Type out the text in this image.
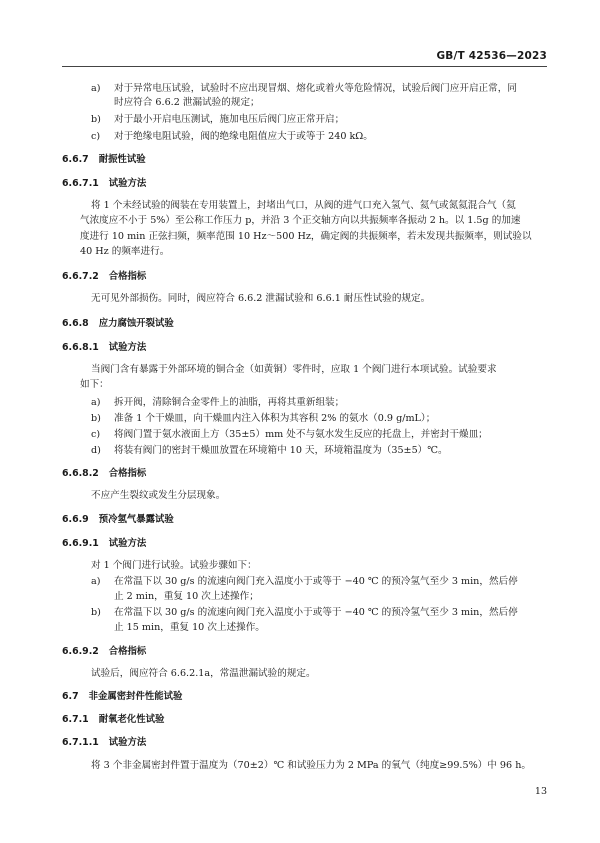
GB/T 42536—2023
a) 对于异常电压试验，试验时不应出现冒烟、熔化或着火等危险情况，试验后阀门应开启正常，同
时应符合 6.6.2 泄漏试验的规定；
b) 对于最小开启电压测试，施加电压后阀门应正常开启；
c) 对于绝缘电阻试验，阀的绝缘电阻值应大于或等于 240 kΩ。
6.6.7 耐振性试验
6.6.7.1 试验方法
将 1 个未经试验的阀装在专用装置上，封堵出气口，从阀的进气口充入氢气、氦气或氮氦混合气（氦
气浓度应不小于 5%）至公称工作压力 p，并沿 3 个正交轴方向以共振频率各振动 2 h。以 1.5g 的加速
度进行 10 min 正弦扫频，频率范围 10 Hz～500 Hz，确定阀的共振频率，若未发现共振频率，则试验以
40 Hz 的频率进行。
6.6.7.2 合格指标
无可见外部损伤。同时，阀应符合 6.6.2 泄漏试验和 6.6.1 耐压性试验的规定。
6.6.8 应力腐蚀开裂试验
6.6.8.1 试验方法
当阀门含有暴露于外部环境的铜合金（如黄铜）零件时，应取 1 个阀门进行本项试验。试验要求
如下：
a) 拆开阀，清除铜合金零件上的油脂，再将其重新组装；
b) 准备 1 个干燥皿，向干燥皿内注入体积为其容积 2% 的氨水（0.9 g/mL）；
c) 将阀门置于氨水液面上方（35±5）mm 处不与氨水发生反应的托盘上，并密封干燥皿；
d) 将装有阀门的密封干燥皿放置在环境箱中 10 天，环境箱温度为（35±5）℃。
6.6.8.2 合格指标
不应产生裂纹或发生分层现象。
6.6.9 预冷氢气暴露试验
6.6.9.1 试验方法
对 1 个阀门进行试验。试验步骤如下：
a) 在常温下以 30 g/s 的流速向阀门充入温度小于或等于 −40 ℃ 的预冷氢气至少 3 min，然后停
止 2 min，重复 10 次上述操作；
b) 在常温下以 30 g/s 的流速向阀门充入温度小于或等于 −40 ℃ 的预冷氢气至少 3 min，然后停
止 15 min，重复 10 次上述操作。
6.6.9.2 合格指标
试验后，阀应符合 6.6.2.1a，常温泄漏试验的规定。
6.7 非金属密封件性能试验
6.7.1 耐氧老化性试验
6.7.1.1 试验方法
将 3 个非金属密封件置于温度为（70±2）℃ 和试验压力为 2 MPa 的氧气（纯度≥99.5%）中 96 h。
13
